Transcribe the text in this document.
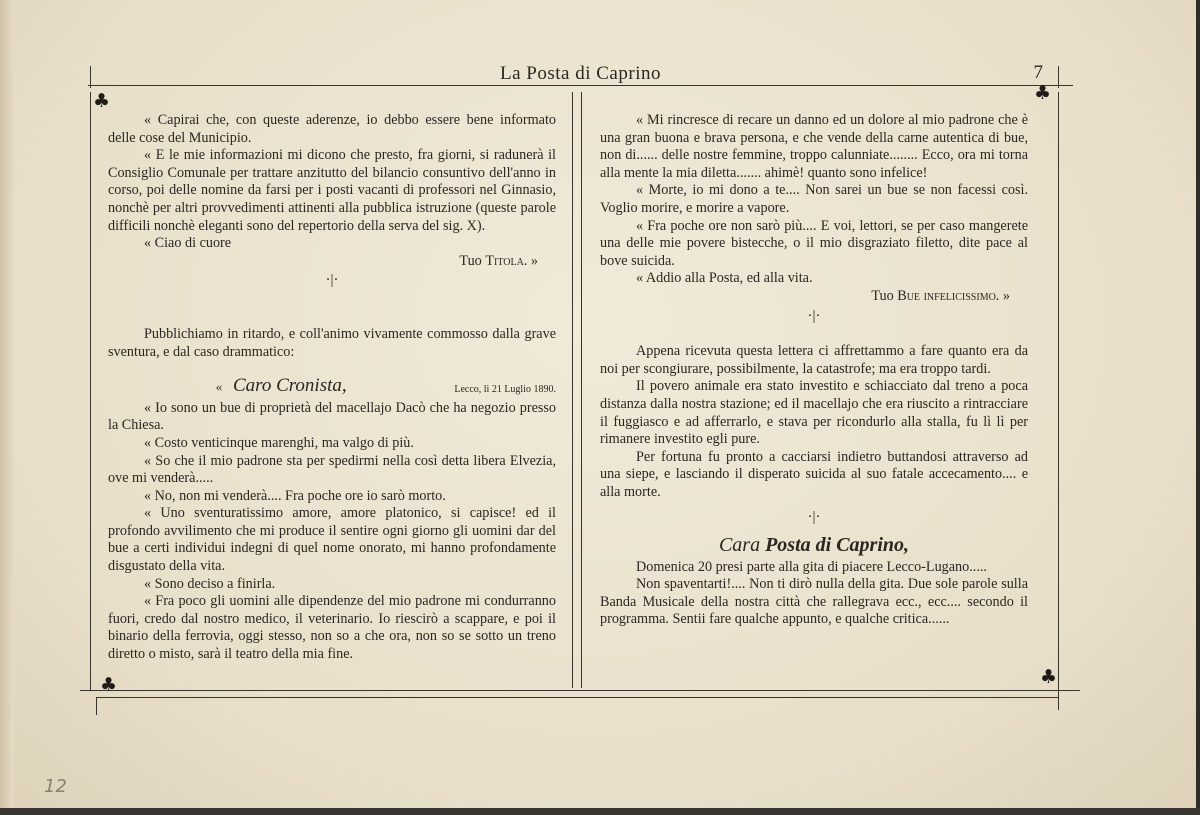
La Posta di Caprino	7
♣	♣
♣	♣

« Capirai che, con queste aderenze, io debbo essere bene informato delle cose del Municipio.

« E le mie informazioni mi dicono che presto, fra giorni, si radunerà il Consiglio Comunale per trattare anzitutto del bilancio consuntivo dell'anno in corso, poi delle nomine da farsi per i posti vacanti di professori nel Ginnasio, nonchè per altri provvedimenti attinenti alla pubblica istruzione (queste parole difficili nonchè eleganti sono del repertorio della serva del sig. X).

« Ciao di cuore

Tuo Titola. »
·|·

Pubblichiamo in ritardo, e coll'animo vivamente commosso dalla grave sventura, e dal caso drammatico:

« Caro Cronista,	Lecco, li 21 Luglio 1890.

« Io sono un bue di proprietà del macellajo Dacò che ha negozio presso la Chiesa.

« Costo venticinque marenghi, ma valgo di più.

« So che il mio padrone sta per spedirmi nella così detta libera Elvezia, ove mi venderà.....

« No, non mi venderà.... Fra poche ore io sarò morto.

« Uno sventuratissimo amore, amore platonico, si capisce! ed il profondo avvilimento che mi produce il sentire ogni giorno gli uomini dar del bue a certi individui indegni di quel nome onorato, mi hanno profondamente disgustato della vita.

« Sono deciso a finirla.

« Fra poco gli uomini alle dipendenze del mio padrone mi condurranno fuori, credo dal nostro medico, il veterinario. Io riescirò a scappare, e poi il binario della ferrovia, oggi stesso, non so a che ora, non so se sotto un treno diretto o misto, sarà il teatro della mia fine.

« Mi rincresce di recare un danno ed un dolore al mio padrone che è una gran buona e brava persona, e che vende della carne autentica di bue, non di...... delle nostre femmine, troppo calunniate........ Ecco, ora mi torna alla mente la mia diletta....... ahimè! quanto sono infelice!

« Morte, io mi dono a te.... Non sarei un bue se non facessi così. Voglio morire, e morire a vapore.

« Fra poche ore non sarò più.... E voi, lettori, se per caso mangerete una delle mie povere bistecche, o il mio disgraziato filetto, dite pace al bove suicida.

« Addio alla Posta, ed alla vita.

Tuo Bue infelicissimo. »
·|·

Appena ricevuta questa lettera ci affrettammo a fare quanto era da noi per scongiurare, possibilmente, la catastrofe; ma era troppo tardi.

Il povero animale era stato investito e schiacciato dal treno a poca distanza dalla nostra stazione; ed il macellajo che era riuscito a rintracciare il fuggiasco e ad afferrarlo, e stava per ricondurlo alla stalla, fu lì lì per rimanere investito egli pure.

Per fortuna fu pronto a cacciarsi indietro buttandosi attraverso ad una siepe, e lasciando il disperato suicida al suo fatale accecamento.... e alla morte.

·|·
Cara Posta di Caprino,

Domenica 20 presi parte alla gita di piacere Lecco-Lugano.....

Non spaventarti!.... Non ti dirò nulla della gita. Due sole parole sulla Banda Musicale della nostra città che rallegrava ecc., ecc.... secondo il programma. Sentii fare qualche appunto, e qualche critica......

12
